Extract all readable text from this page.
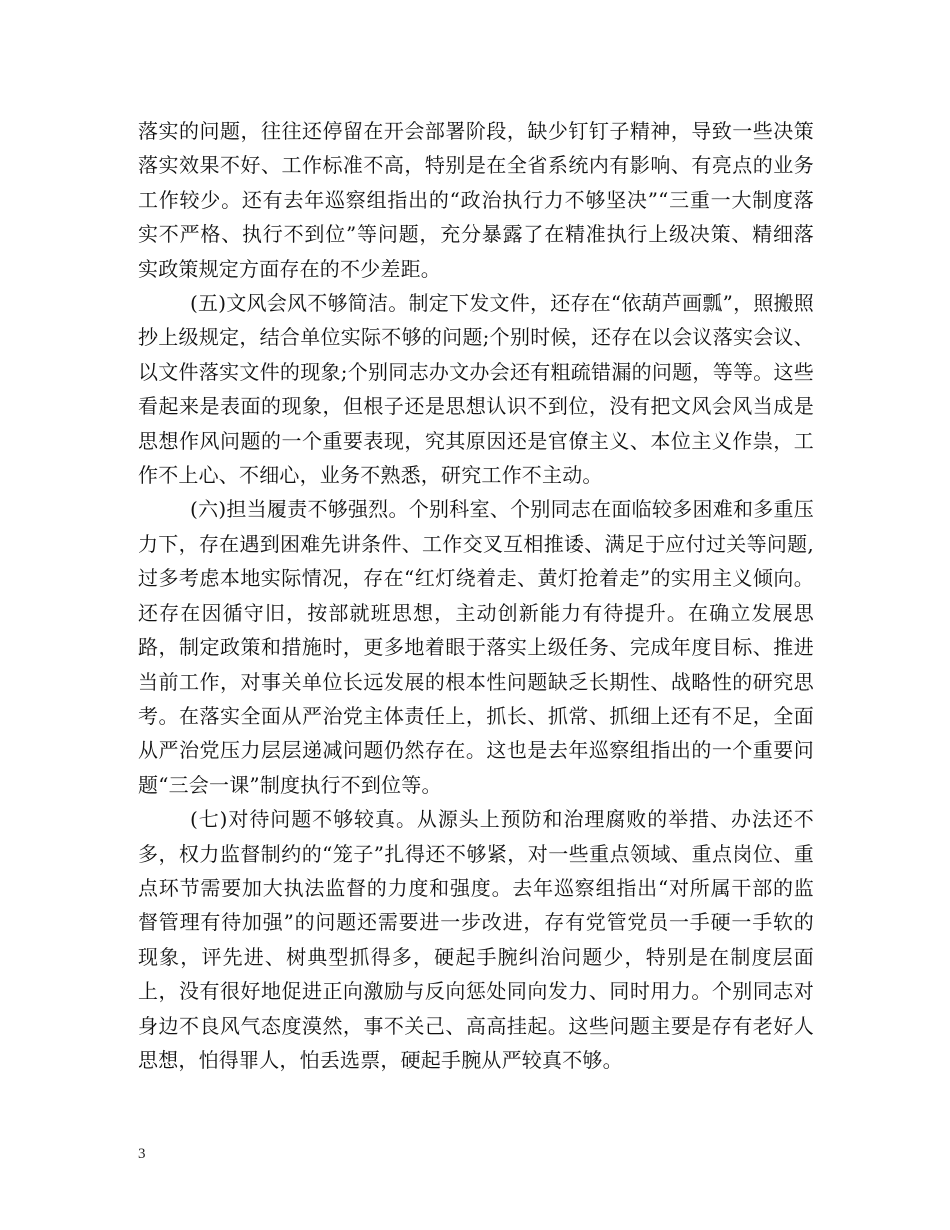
落实的问题，往往还停留在开会部署阶段，缺少钉钉子精神，导致一些决策落实效果不好、工作标准不高，特别是在全省系统内有影响、有亮点的业务工作较少。还有去年巡察组指出的“政治执行力不够坚决”“三重一大制度落实不严格、执行不到位”等问题，充分暴露了在精准执行上级决策、精细落实政策规定方面存在的不少差距。

(五)文风会风不够简洁。制定下发文件，还存在“依葫芦画瓢”，照搬照抄上级规定，结合单位实际不够的问题;个别时候，还存在以会议落实会议、以文件落实文件的现象;个别同志办文办会还有粗疏错漏的问题，等等。这些看起来是表面的现象，但根子还是思想认识不到位，没有把文风会风当成是思想作风问题的一个重要表现，究其原因还是官僚主义、本位主义作祟，工作不上心、不细心，业务不熟悉，研究工作不主动。

(六)担当履责不够强烈。个别科室、个别同志在面临较多困难和多重压力下，存在遇到困难先讲条件、工作交叉互相推诿、满足于应付过关等问题,过多考虑本地实际情况，存在“红灯绕着走、黄灯抢着走”的实用主义倾向。还存在因循守旧，按部就班思想，主动创新能力有待提升。在确立发展思路，制定政策和措施时，更多地着眼于落实上级任务、完成年度目标、推进当前工作，对事关单位长远发展的根本性问题缺乏长期性、战略性的研究思考。在落实全面从严治党主体责任上，抓长、抓常、抓细上还有不足，全面从严治党压力层层递减问题仍然存在。这也是去年巡察组指出的一个重要问题“三会一课”制度执行不到位等。

(七)对待问题不够较真。从源头上预防和治理腐败的举措、办法还不多，权力监督制约的“笼子”扎得还不够紧，对一些重点领域、重点岗位、重点环节需要加大执法监督的力度和强度。去年巡察组指出“对所属干部的监督管理有待加强”的问题还需要进一步改进，存有党管党员一手硬一手软的现象，评先进、树典型抓得多，硬起手腕纠治问题少，特别是在制度层面上，没有很好地促进正向激励与反向惩处同向发力、同时用力。个别同志对身边不良风气态度漠然，事不关己、高高挂起。这些问题主要是存有老好人思想，怕得罪人，怕丢选票，硬起手腕从严较真不够。

3
